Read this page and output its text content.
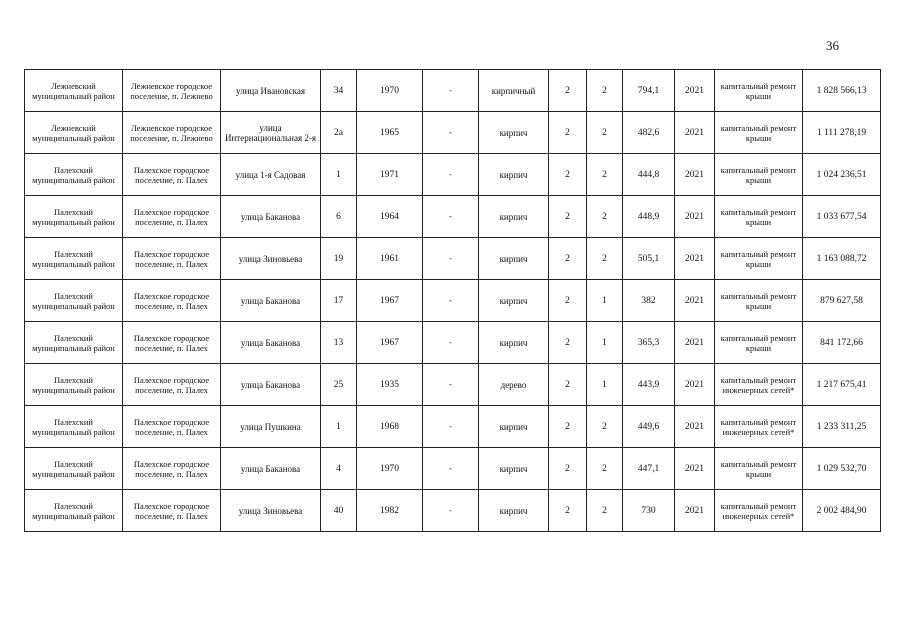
36
Лежневский муниципальный район	Лежневское городское поселение, п. Лежнево	улица Ивановская	34	1970	-	кирпичный	2	2	794,1	2021	капитальный ремонт крыши	1 828 566,13
Лежневский муниципальный район	Лежневское городское поселение, п. Лежнево	улица Интернациональная 2-я	2а	1965	-	кирпич	2	2	482,6	2021	капитальный ремонт крыши	1 111 278,19
Палехский муниципальный район	Палехское городское поселение, п. Палех	улица 1-я Садовая	1	1971	-	кирпич	2	2	444,8	2021	капитальный ремонт крыши	1 024 236,51
Палехский муниципальный район	Палехское городское поселение, п. Палех	улица Баканова	6	1964	-	кирпич	2	2	448,9	2021	капитальный ремонт крыши	1 033 677,54
Палехский муниципальный район	Палехское городское поселение, п. Палех	улица Зиновьева	19	1961	-	кирпич	2	2	505,1	2021	капитальный ремонт крыши	1 163 088,72
Палехский муниципальный район	Палехское городское поселение, п. Палех	улица Баканова	17	1967	-	кирпич	2	1	382	2021	капитальный ремонт крыши	879 627,58
Палехский муниципальный район	Палехское городское поселение, п. Палех	улица Баканова	13	1967	-	кирпич	2	1	365,3	2021	капитальный ремонт крыши	841 172,66
Палехский муниципальный район	Палехское городское поселение, п. Палех	улица Баканова	25	1935	-	дерево	2	1	443,9	2021	капитальный ремонт инженерных сетей*	1 217 675,41
Палехский муниципальный район	Палехское городское поселение, п. Палех	улица Пушкина	1	1968	-	кирпич	2	2	449,6	2021	капитальный ремонт инженерных сетей*	1 233 311,25
Палехский муниципальный район	Палехское городское поселение, п. Палех	улица Баканова	4	1970	-	кирпич	2	2	447,1	2021	капитальный ремонт крыши	1 029 532,70
Палехский муниципальный район	Палехское городское поселение, п. Палех	улица Зиновьева	40	1982	-	кирпич	2	2	730	2021	капитальный ремонт инженерных сетей*	2 002 484,90
